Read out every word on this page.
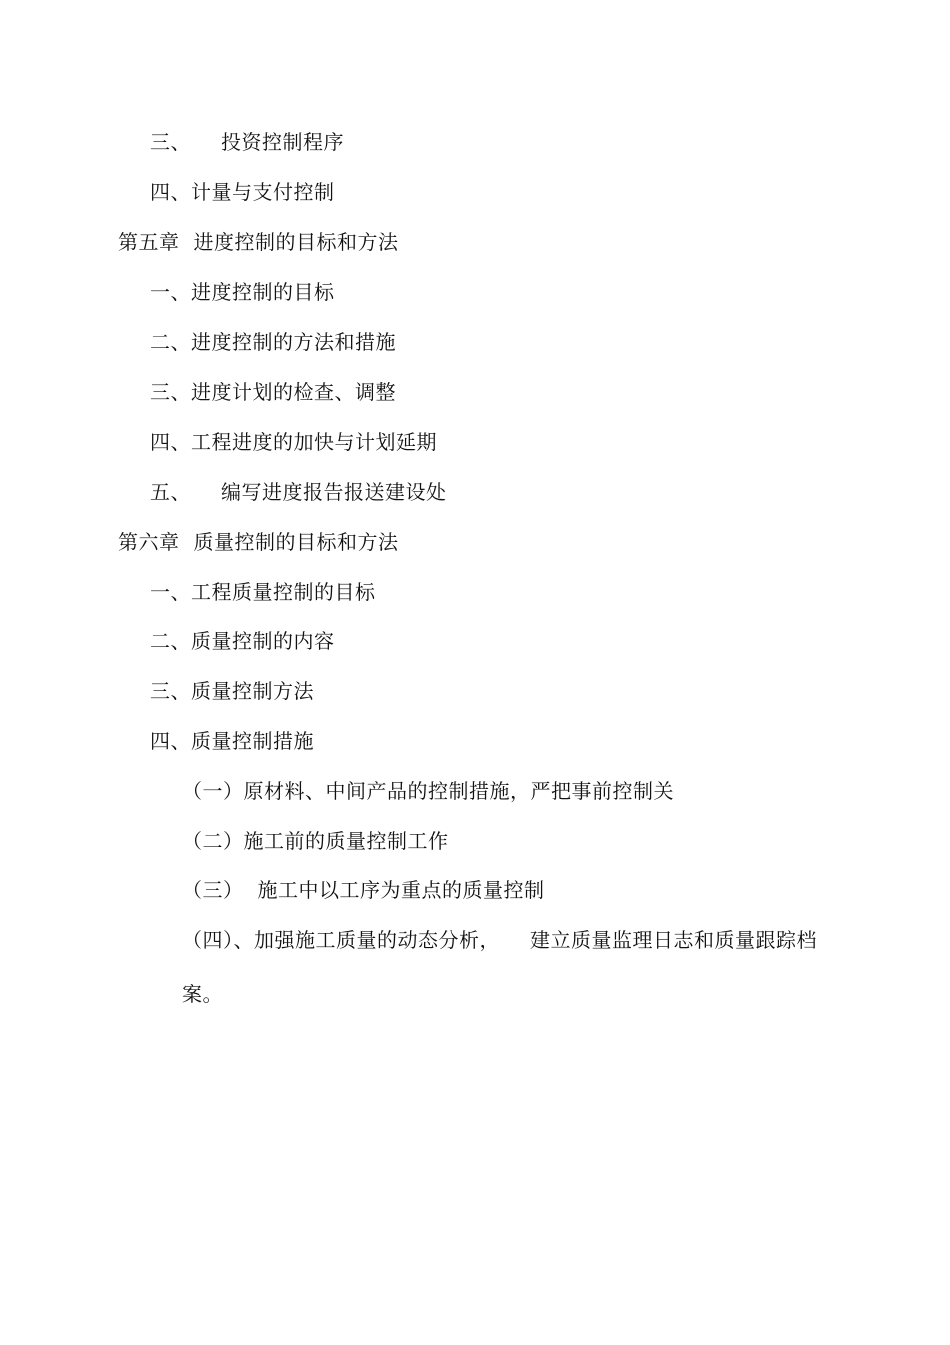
三、 投资控制程序
四、计量与支付控制
第五章 进度控制的目标和方法
一、进度控制的目标
二、进度控制的方法和措施
三、进度计划的检查、调整
四、工程进度的加快与计划延期
五、 编写进度报告报送建设处
第六章 质量控制的目标和方法
一、工程质量控制的目标
二、质量控制的内容
三、质量控制方法
四、质量控制措施
（一）原材料、中间产品的控制措施，严把事前控制关
（二）施工前的质量控制工作
（三） 施工中以工序为重点的质量控制
（四）、加强施工质量的动态分析， 建立质量监理日志和质量跟踪档
案。
